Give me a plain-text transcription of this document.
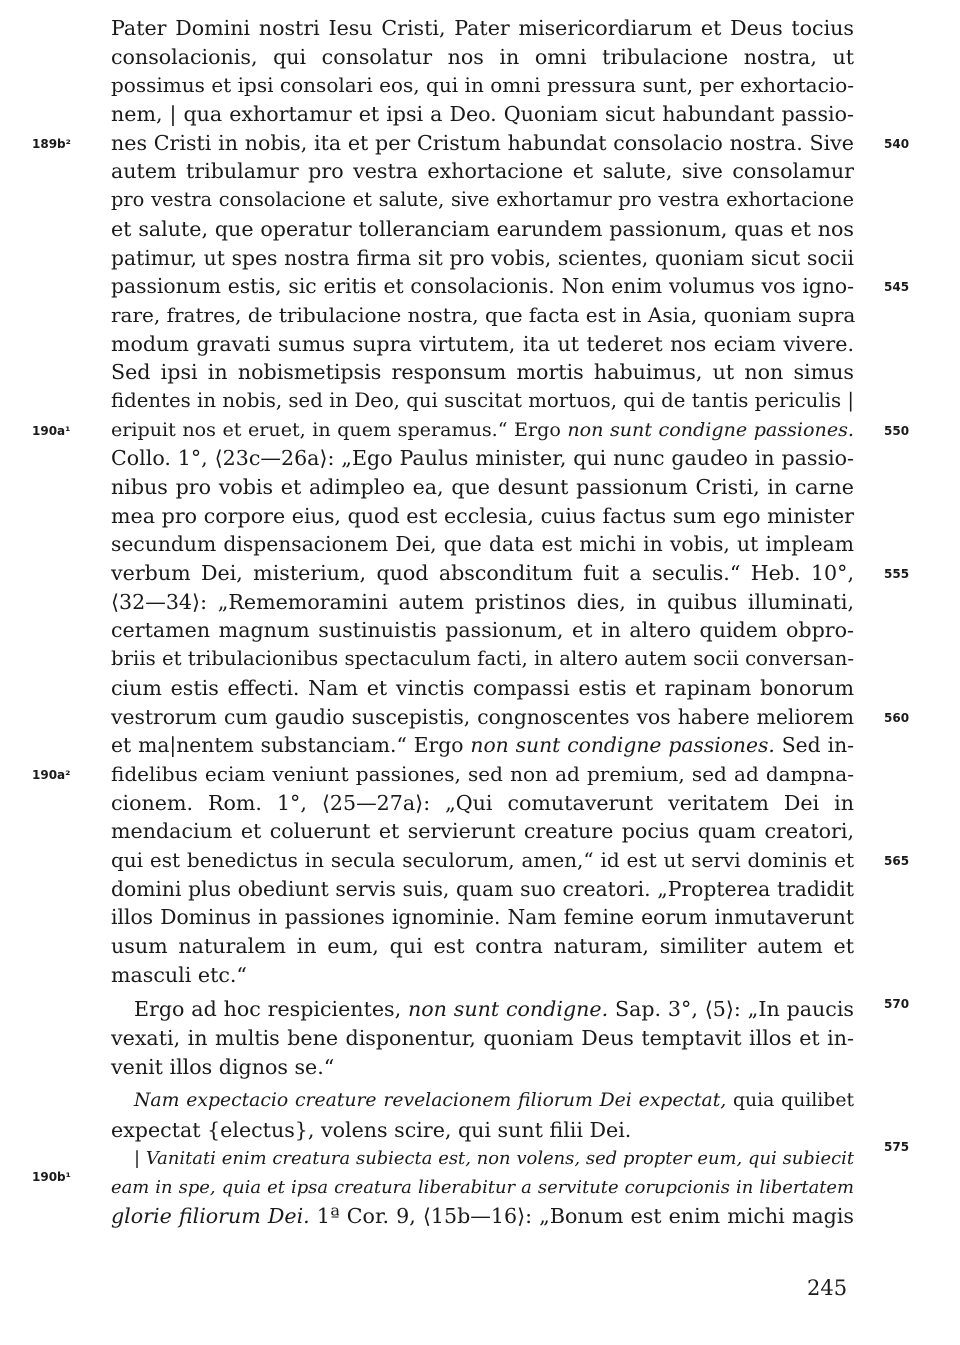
Pater Domini nostri Iesu Cristi, Pater misericordiarum et Deus tocius
consolacionis, qui consolatur nos in omni tribulacione nostra, ut
possimus et ipsi consolari eos, qui in omni pressura sunt, per exhortacio-
nem, | qua exhortamur et ipsi a Deo. Quoniam sicut habundant passio-
nes Cristi in nobis, ita et per Cristum habundat consolacio nostra. Sive
autem tribulamur pro vestra exhortacione et salute, sive consolamur
pro vestra consolacione et salute, sive exhortamur pro vestra exhortacione
et salute, que operatur tolleranciam earundem passionum, quas et nos
patimur, ut spes nostra firma sit pro vobis, scientes, quoniam sicut socii
passionum estis, sic eritis et consolacionis. Non enim volumus vos igno-
rare, fratres, de tribulacione nostra, que facta est in Asia, quoniam supra
modum gravati sumus supra virtutem, ita ut tederet nos eciam vivere.
Sed ipsi in nobismetipsis responsum mortis habuimus, ut non simus
fidentes in nobis, sed in Deo, qui suscitat mortuos, qui de tantis periculis |
eripuit nos et eruet, in quem speramus.“ Ergo non sunt condigne passiones.
Collo. 1°, ⟨23c—26a⟩: „Ego Paulus minister, qui nunc gaudeo in passio-
nibus pro vobis et adimpleo ea, que desunt passionum Cristi, in carne
mea pro corpore eius, quod est ecclesia, cuius factus sum ego minister
secundum dispensacionem Dei, que data est michi in vobis, ut impleam
verbum Dei, misterium, quod absconditum fuit a seculis.“ Heb. 10°,
⟨32—34⟩: „Rememoramini autem pristinos dies, in quibus illuminati,
certamen magnum sustinuistis passionum, et in altero quidem obpro-
briis et tribulacionibus spectaculum facti, in altero autem socii conversan-
cium estis effecti. Nam et vinctis compassi estis et rapinam bonorum
vestrorum cum gaudio suscepistis, congnoscentes vos habere meliorem
et ma|nentem substanciam.“ Ergo non sunt condigne passiones. Sed in-
fidelibus eciam veniunt passiones, sed non ad premium, sed ad dampna-
cionem. Rom. 1°, ⟨25—27a⟩: „Qui comutaverunt veritatem Dei in
mendacium et coluerunt et servierunt creature pocius quam creatori,
qui est benedictus in secula seculorum, amen,“ id est ut servi dominis et
domini plus obediunt servis suis, quam suo creatori. „Propterea tradidit
illos Dominus in passiones ignominie. Nam femine eorum inmutaverunt
usum naturalem in eum, qui est contra naturam, similiter autem et
masculi etc.“
Ergo ad hoc respicientes, non sunt condigne. Sap. 3°, ⟨5⟩: „In paucis
vexati, in multis bene disponentur, quoniam Deus temptavit illos et in-
venit illos dignos se.“
Nam expectacio creature revelacionem filiorum Dei expectat, quia quilibet
expectat {electus}, volens scire, qui sunt filii Dei.
| Vanitati enim creatura subiecta est, non volens, sed propter eum, qui subiecit
eam in spe, quia et ipsa creatura liberabitur a servitute corupcionis in libertatem
glorie filiorum Dei. 1ª Cor. 9, ⟨15b—16⟩: „Bonum est enim michi magis
189b²
190a¹
190a²
190b¹
540
545
550
555
560
565
570
575
245
